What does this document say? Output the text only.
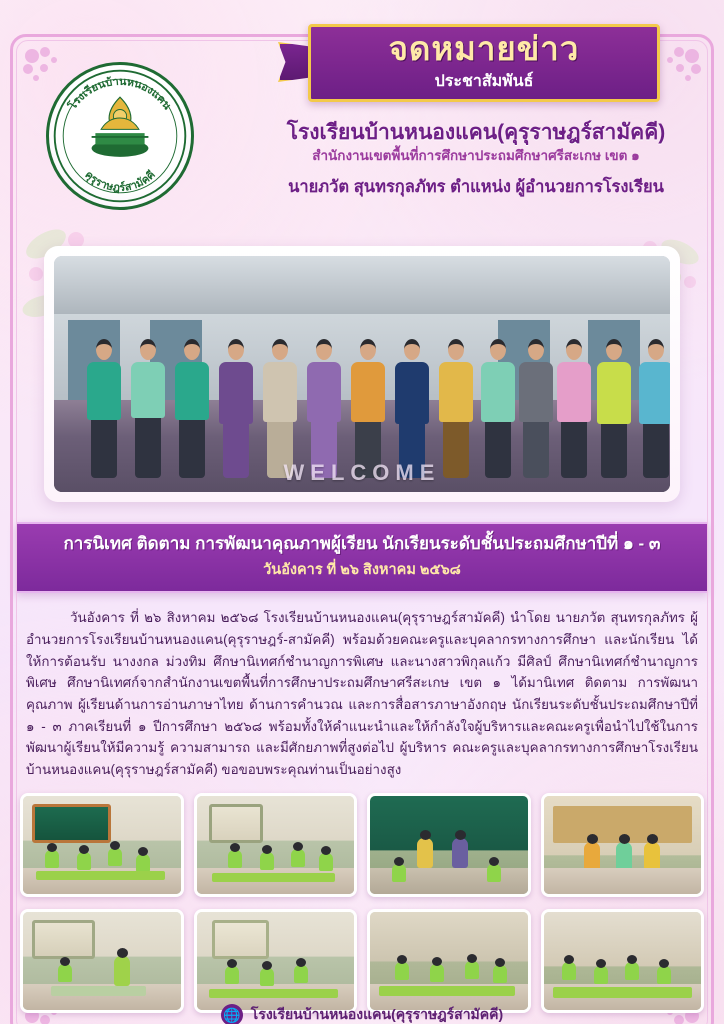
โรงเรียนบ้านหนองแคน
คุรุราษฎร์สามัคคี
จดหมายข่าว
ประชาสัมพันธ์
โรงเรียนบ้านหนองแคน(คุรุราษฎร์สามัคคี)
สำนักงานเขตพื้นที่การศึกษาประถมศึกษาศรีสะเกษ เขต ๑
นายภวัต สุนทรกุลภัทร ตำแหน่ง ผู้อำนวยการโรงเรียน
WELCOME
การนิเทศ ติดตาม การพัฒนาคุณภาพผู้เรียน นักเรียนระดับชั้นประถมศึกษาปีที่ ๑ - ๓
วันอังคาร ที่ ๒๖ สิงหาคม ๒๕๖๘

วันอังคาร ที่ ๒๖ สิงหาคม ๒๕๖๘ โรงเรียนบ้านหนองแคน(คุรุราษฎร์สามัคคี) นำโดย นายภวัต สุนทรกุลภัทร ผู้อำนวยการโรงเรียนบ้านหนองแคน(คุรุราษฎร์-สามัคคี) พร้อมด้วยคณะครูและบุคลากรทางการศึกษา และนักเรียน ได้ให้การต้อนรับ นางงกล ม่วงทิม ศึกษานิเทศก์ชำนาญการพิเศษ และนางสาวพิกุลแก้ว มีศิลป์ ศึกษานิเทศก์ชำนาญการพิเศษ ศึกษานิเทศก์จากสำนักงานเขตพื้นที่การศึกษาประถมศึกษาศรีสะเกษ เขต ๑ ได้มานิเทศ ติดตาม การพัฒนาคุณภาพ ผู้เรียนด้านการอ่านภาษาไทย ด้านการคำนวณ และการสื่อสารภาษาอังกฤษ นักเรียนระดับชั้นประถมศึกษาปีที่ ๑ - ๓ ภาคเรียนที่ ๑ ปีการศึกษา ๒๕๖๘ พร้อมทั้งให้คำแนะนำและให้กำลังใจผู้บริหารและคณะครูเพื่อนำไปใช้ในการพัฒนาผู้เรียนให้มีความรู้ ความสามารถ และมีศักยภาพที่สูงต่อไป ผู้บริหาร คณะครูและบุคลากรทางการศึกษาโรงเรียนบ้านหนองแคน(คุรุราษฎร์สามัคคี) ขอขอบพระคุณท่านเป็นอย่างสูง

🌐 โรงเรียนบ้านหนองแคน(คุรุราษฎร์สามัคคี)
